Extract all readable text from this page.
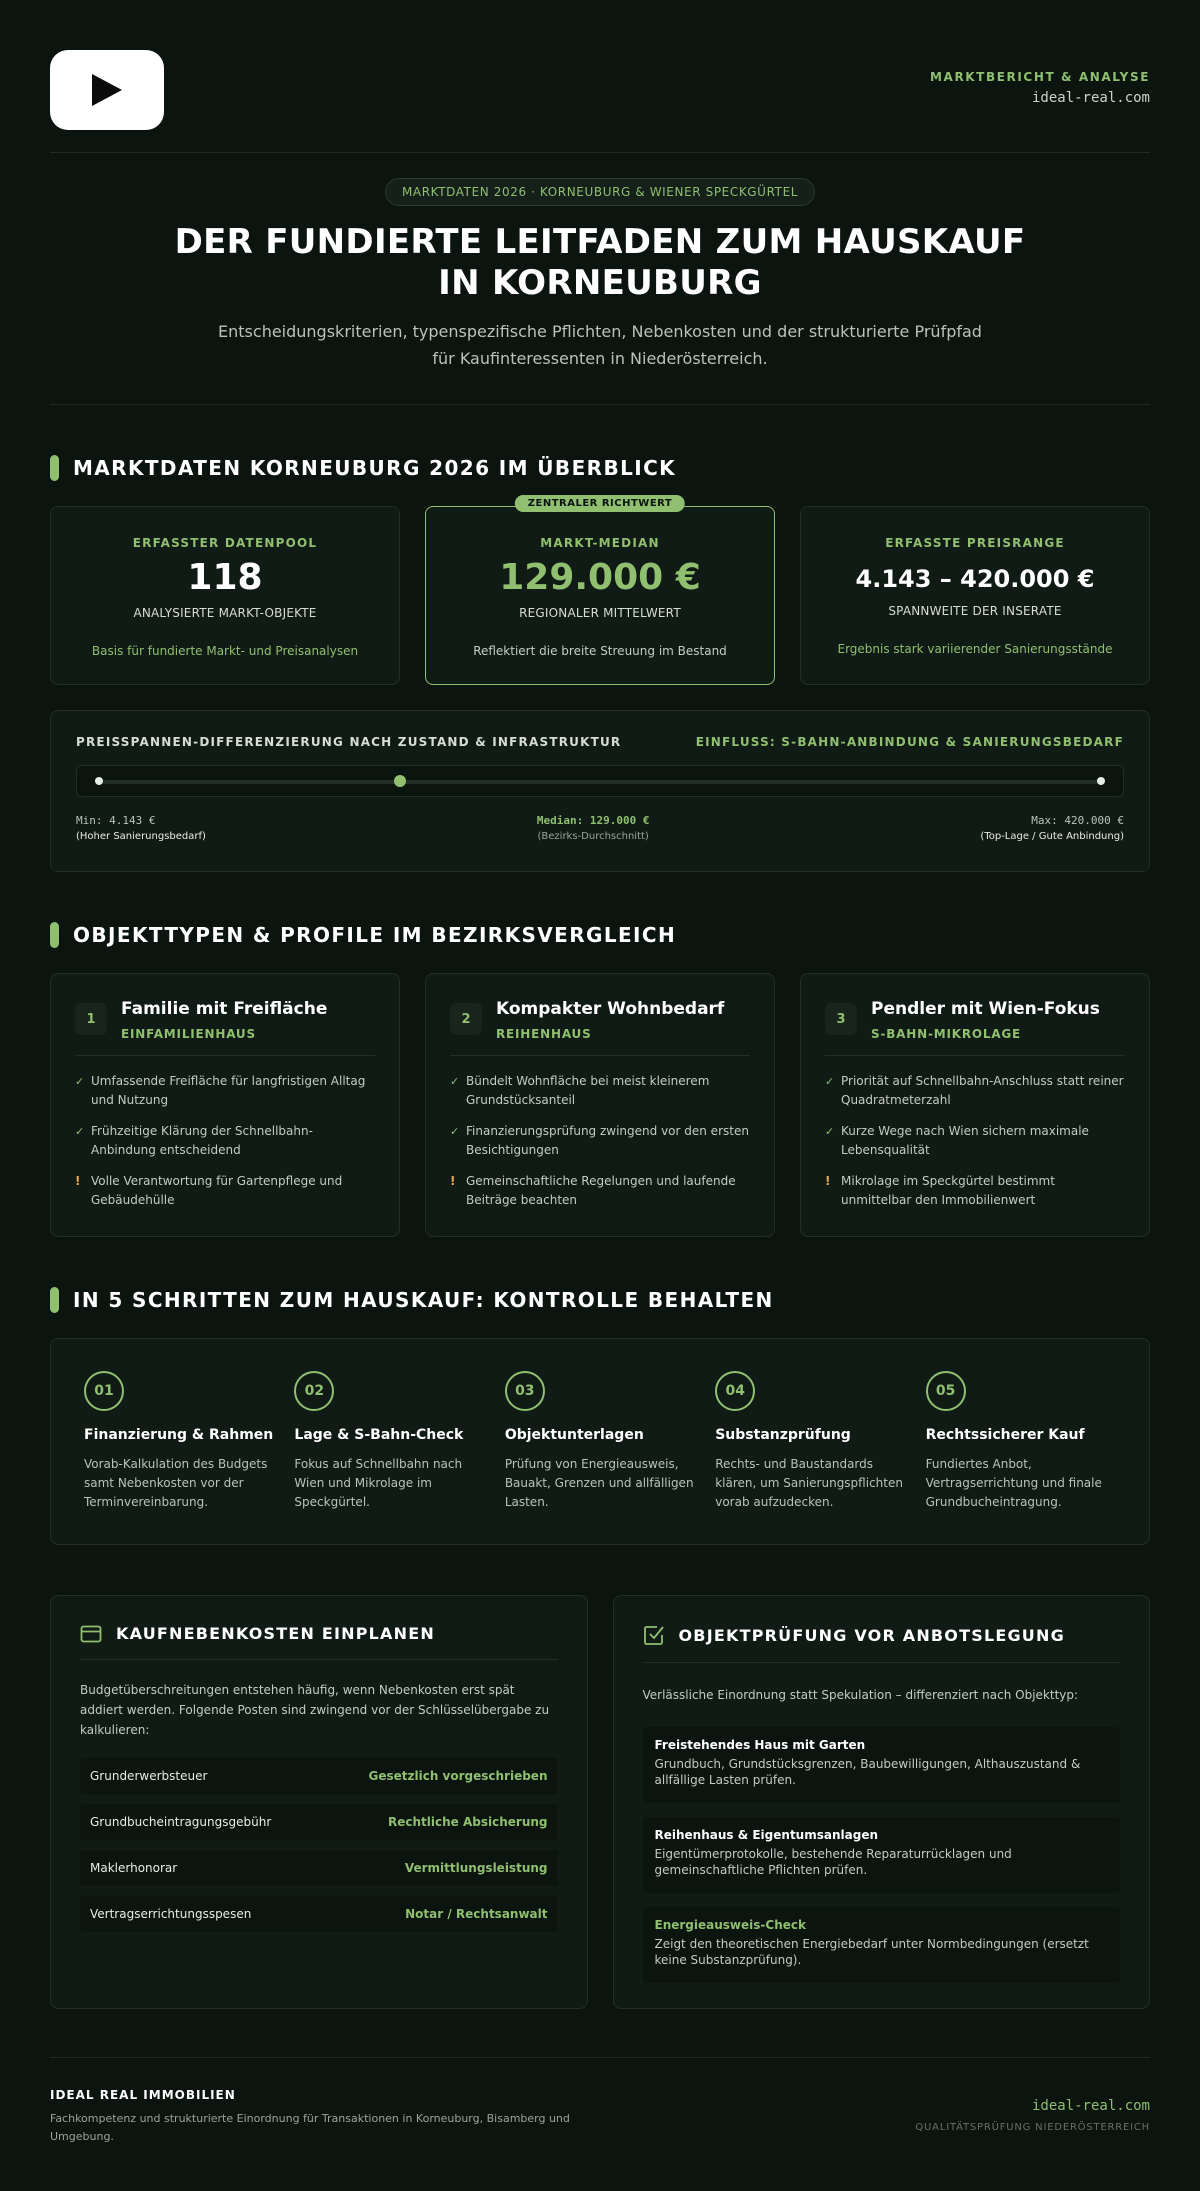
MARKTBERICHT & ANALYSE
ideal-real.com
MARKTDATEN 2026 · KORNEUBURG & WIENER SPECKGÜRTEL
DER FUNDIERTE LEITFADEN ZUM HAUSKAUF
IN KORNEUBURG

Entscheidungskriterien, typenspezifische Pflichten, Nebenkosten und der strukturierte Prüfpfad
für Kaufinteressenten in Niederösterreich.

MARKTDATEN KORNEUBURG 2026 IM ÜBERBLICK
ERFASSTER DATENPOOL
118
ANALYSIERTE MARKT-OBJEKTE
Basis für fundierte Markt- und Preisanalysen
ZENTRALER RICHTWERT
MARKT-MEDIAN
129.000 €
REGIONALER MITTELWERT
Reflektiert die breite Streuung im Bestand
ERFASSTE PREISRANGE
4.143 – 420.000 €
SPANNWEITE DER INSERATE
Ergebnis stark variierender Sanierungsstände
PREISSPANNEN-DIFFERENZIERUNG NACH ZUSTAND & INFRASTRUKTUR	EINFLUSS: S-BAHN-ANBINDUNG & SANIERUNGSBEDARF
Min: 4.143 €
(Hoher Sanierungsbedarf)
Median: 129.000 €
(Bezirks-Durchschnitt)
Max: 420.000 €
(Top-Lage / Gute Anbindung)
OBJEKTTYPEN & PROFILE IM BEZIRKSVERGLEICH
1	Familie mit Freifläche
EINFAMILIENHAUS
✓ Umfassende Freifläche für langfristigen Alltag und Nutzung
✓ Frühzeitige Klärung der Schnellbahn-Anbindung entscheidend
! Volle Verantwortung für Gartenpflege und Gebäudehülle
2	Kompakter Wohnbedarf
REIHENHAUS
✓ Bündelt Wohnfläche bei meist kleinerem Grundstücksanteil
✓ Finanzierungsprüfung zwingend vor den ersten Besichtigungen
! Gemeinschaftliche Regelungen und laufende Beiträge beachten
3	Pendler mit Wien-Fokus
S-BAHN-MIKROLAGE
✓ Priorität auf Schnellbahn-Anschluss statt reiner Quadratmeterzahl
✓ Kurze Wege nach Wien sichern maximale Lebensqualität
! Mikrolage im Speckgürtel bestimmt unmittelbar den Immobilienwert
IN 5 SCHRITTEN ZUM HAUSKAUF: KONTROLLE BEHALTEN
01
Finanzierung & Rahmen
Vorab-Kalkulation des Budgets samt Nebenkosten vor der Terminvereinbarung.
02
Lage & S-Bahn-Check
Fokus auf Schnellbahn nach Wien und Mikrolage im Speckgürtel.
03
Objektunterlagen
Prüfung von Energieausweis, Bauakt, Grenzen und allfälligen Lasten.
04
Substanzprüfung
Rechts- und Baustandards klären, um Sanierungspflichten vorab aufzudecken.
05
Rechtssicherer Kauf
Fundiertes Anbot, Vertragserrichtung und finale Grundbucheintragung.
KAUFNEBENKOSTEN EINPLANEN
Budgetüberschreitungen entstehen häufig, wenn Nebenkosten erst spät addiert werden. Folgende Posten sind zwingend vor der Schlüsselübergabe zu kalkulieren:
Grunderwerbsteuer	Gesetzlich vorgeschrieben
Grundbucheintragungsgebühr	Rechtliche Absicherung
Maklerhonorar	Vermittlungsleistung
Vertragserrichtungsspesen	Notar / Rechtsanwalt
OBJEKTPRÜFUNG VOR ANBOTSLEGUNG
Verlässliche Einordnung statt Spekulation – differenziert nach Objekttyp:
Freistehendes Haus mit Garten
Grundbuch, Grundstücksgrenzen, Baubewilligungen, Althauszustand & allfällige Lasten prüfen.
Reihenhaus & Eigentumsanlagen
Eigentümerprotokolle, bestehende Reparaturrücklagen und gemeinschaftliche Pflichten prüfen.
Energieausweis-Check
Zeigt den theoretischen Energiebedarf unter Normbedingungen (ersetzt keine Substanzprüfung).
IDEAL REAL IMMOBILIEN
Fachkompetenz und strukturierte Einordnung für Transaktionen in Korneuburg, Bisamberg und Umgebung.
ideal-real.com
QUALITÄTSPRÜFUNG NIEDERÖSTERREICH
